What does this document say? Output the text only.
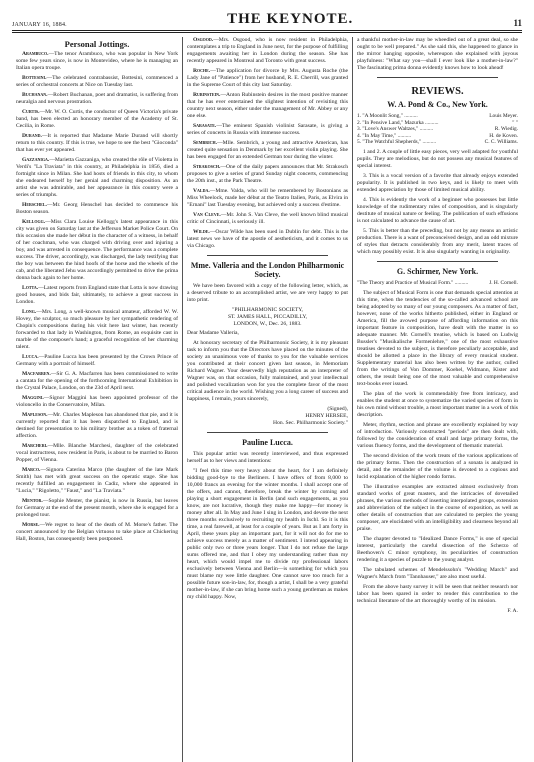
JANUARY 16, 1884.	THE KEYNOTE.	11
Personal Jottings.

Arambuco.—The tenor Arambuco, who was popular in New York some few years since, is now in Montevideo, where he is managing an Italian opera troupe.

Bottesini.—The celebrated contrabassist, Bottesini, commenced a series of orchestral concerts at Nice on Tuesday last.

Buchanan.—Robert Buchanan, poet and dramatist, is suffering from neuralgia and nervous prostration.

Curtis.—Mr. W. O. Curtis, the conductor of Queen Victoria's private band, has been elected an honorary member of the Academy of St. Cecilia, in Rome.

Durand.—It is reported that Madame Marie Durand will shortly return to this country. If this is true, we hope to see the best "Gioconda" that has ever yet appeared.

Gazzaniga.—Marietta Gazzaniga, who created the rôle of Violetta in Verdi's "La Traviata" in this country, at Philadelphia in 1856, died a fortnight since in Milan. She had hosts of friends in this city, to whom she endeared herself by her genial and charming disposition. As an artist she was admirable, and her appearance in this country were a series of triumphs.

Herschel.—Mr. Georg Henschel has decided to commence his Boston season.

Kellogg.—Miss Clara Louise Kellogg's latest appearance in this city was given on Saturday last at the Jefferson Market Police Court. On this occasion she made her début in the character of a witness, in behalf of her coachman, who was charged with driving over and injuring a boy, and was arrested in consequence. The performance was a complete success. The driver, accordingly, was discharged, the lady testifying that the boy was between the hind hoofs of the horse and the wheels of the cab, and the liberated Jehu was accordingly permitted to drive the prima donna back again to her home.

Lotta.—Latest reports from England state that Lotta is now drawing good houses, and bids fair, ultimately, to achieve a great success in London.

Long.—Mrs. Long, a well-known musical amateur, afforded W. W. Hovey, the sculptor, so much pleasure by her sympathetic rendering of Chopin's compositions during his visit here last winter, has recently forwarded to that lady in Washington, from Rome, an exquisite cast in marble of the composer's hand; a graceful recognition of her charming talent.

Lucca.—Pauline Lucca has been presented by the Crown Prince of Germany with a portrait of himself.

Macfarren.—Sir G. A. Macfarren has been commissioned to write a cantata for the opening of the forthcoming International Exhibition in the Crystal Palace, London, on the 23d of April next.

Maggini.—Signor Maggini has been appointed professor of the violoncello in the Conservatoire, Milan.

Mapleson.—Mr. Charles Mapleson has abandoned that pie, and it is currently reported that it has been dispatched to England, and is destined for presentation to his military brother as a token of fraternal affection.

Marcheri.—Mlle. Blanche Marchesi, daughter of the celebrated vocal instructress, now resident in Paris, is about to be married to Baron Popper, of Vienna.

Marco.—Signora Caterina Marco (the daughter of the late Mark Smith) has met with great success on the operatic stage. She has recently fulfilled an engagement in Cadiz, where she appeared in "Lucia," "Rigoletto," "Faust," and "La Traviata."

Mentor.—Sophie Menter, the pianist, is now in Russia, but leaves for Germany at the end of the present month, where she is engaged for a prolonged tour.

Morse.—We regret to hear of the death of M. Morse's father. The concert announced by the Belgian virtuoso to take place at Chickering Hall, Boston, has consequently been postponed.

Osgood.—Mrs. Osgood, who is now resident in Philadelphia, contemplates a trip to England in June next, for the purpose of fulfilling engagements awaiting her in London during the season. She has recently appeared in Montreal and Toronto with great success.

Roche.—The application for divorce by Mrs. Augusta Roche (the Lady Jane of "Patience") from her husband, R. E. Cherrill, was granted in the Supreme Court of this city last Saturday.

Rubinstein.—Anton Rubinstein desires in the most positive manner that he has ever entertained the slightest intention of revisiting this country next season, either under the management of Mr. Abbey or any one else.

Sarasate.—The eminent Spanish violinist Sarasate, is giving a series of concerts in Russia with immense success.

Sembrich.—Mlle. Sembrich, a young and attractive American, has created quite sensation in Denmark by her excellent violin playing. She has been engaged for an extended German tour during the winter.

Strakosch.—One of the daily papers announces that Mr. Strakosch proposes to give a series of grand Sunday night concerts, commencing the 20th inst., at the Park Theatre.

Valda.—Mme. Valda, who will be remembered by Bostonians as Miss Wheelock, made her début at the Teatro Italien, Paris, as Elvira in "Ernani" last Tuesday evening, but achieved only a success d'estime.

Van Cleve.—Mr. John S. Van Cleve, the well known blind musical critic of Cincinnati, is seriously ill.

Wilde.—Oscar Wilde has been sued in Dublin for debt. This is the latest news we have of the apostle of aestheticism, and it comes to us via Chicago.

Mme. Valleria and the London Philharmonic Society.

We have been favored with a copy of the following letter, which, as a deserved tribute to an accomplished artist, we are very happy to put into print.

"PHILHARMONIC SOCIETY,
ST. JAMES HALL, PICCADILLY,
LONDON, W., Dec. 26, 1883.

Dear Madame Valleria,

At honorary secretary of the Philharmonic Society, it is my pleasant task to inform you that the Directors have placed on the minutes of the society an unanimous vote of thanks to you for the valuable services you contributed at their concert given last season, in Memoriam Richard Wagner. Your deservedly high reputation as an interpreter of Wagner was, on that occasion, fully maintained, and your intellectual and polished vocalization won for you the complete favor of the most critical audience in the world. Wishing you a long career of success and happiness, I remain, yours sincerely,

(Signed),
HENRY HERSEE,
Hon. Sec. Philharmonic Society."
Pauline Lucca.

This popular artist was recently interviewed, and thus expressed herself as to her views and intentions:

"I feel this time very heavy about the heart, for I am definitely bidding good-bye to the Berliners. I have offers of from 8,000 to 10,000 francs an evening for the winter months. I shall accept one of the offers, and cannot, therefore, break the winter by coming and playing a short engagement in Berlin (and such engagements, as you know, are not lucrative, though they make me happy—for money is money after all. In May and June I sing in London, and devote the next three months exclusively to recruiting my health in Ischl. So it is this time, a real farewell, at least for a couple of years. But as I am forty in April, these years play an important part, for it will not do for me to achieve success merely as a matter of sentiment. I intend appearing in public only two or three years longer. That I do not refuse the large sums offered me, and that I obey my understanding rather than my heart, which would impel me to divide my professional labors exclusively between Vienna and Berlin—is something for which you must blame my wee little daughter. One cannot save too much for a possible future son-in-law, for, though a artist, I shall be a very grateful mother-in-law, if she can bring home such a young gentleman as makes my child happy. Now,

a thankful mother-in-law may be wheedled out of a great deal, so she ought to be well prepared." As she said this, she happened to glance in the mirror hanging opposite, whereupon she explained with joyous playfulness: "What say you—shall I ever look like a mother-in-law?" The fascinating prima donna evidently knows how to look ahead!

REVIEWS.
W. A. Pond & Co., New York.
1. "A Moonlit Song," ..........	Louis Meyer.
2. "In Pensive Land," Mazurka ..........	" "
3. "Love's Answer Waltzes," ..........	R. Wiedig.
4. "In May Time," ..........	H. de Koven.
5. "The Watchful Shepherds," ..........	C. C. Williams.

1 and 2. A couple of little easy pieces, very well adapted for youthful pupils. They are melodious, but do not possess any musical features of special interest.

3. This is a vocal version of a favorite that already enjoys extended popularity. It is published in two keys, and is likely to meet with extended appreciation by those of limited musical ability.

4. This is evidently the work of a beginner who possesses but little knowledge of the rudimentary rules of composition, and is singularly destitute of musical nature or feeling. The publication of such effusions is not calculated to advance the cause of art.

5. This is better than the preceding, but not by any means an artistic production. There is a want of preconceived design, and an odd mixture of styles that detracts considerably from any merit, latent traces of which may possibly exist. It is also singularly wanting in originality.

G. Schirmer, New York.
"The Theory and Practice of Musical Form." ..........	J. H. Cornell.

The subject of Musical Form is one that demands special attention at this time, when the tendencies of the so-called advanced school are being adopted by so many of our young composers. As a matter of fact, however, none of the works hitherto published, either in England or America, fill the avowed purpose of affording information on this important feature in composition, have dealt with the matter in so adequate manner. Mr. Cornell's treatise, which is based on Ludwig Bussler's "Musikalische Formenlehre," one of the most exhaustive treatises devoted to the subject, is therefore peculiarly acceptable, and should be allotted a place in the library of every musical student. Supplementary material has also been written by the author, culled from the writings of Von Dommer, Koehel, Widmann, Kister and others, the result being one of the most valuable and comprehensive text-books ever issued.

The plan of the work is commendably free from intricacy, and enables the student at once to systematize the varied species of form in his own mind without trouble, a most important matter in a work of this description.

Meter, rhythm, section and phrase are excellently explained by way of introduction. Variously constructed "periods" are then dealt with, followed by the consideration of small and large primary forms, the various fluency forms, and the development of thematic material.

The second division of the work treats of the various applications of the primary forms. Then the construction of a sonata is analyzed in detail, and the remainder of the volume is devoted to a copious and lucid explanation of the higher rondo forms.

The illustrative examples are extracted almost exclusively from standard works of great masters, and the intricacies of dovetailed phrases, the various methods of inserting interpolated groups, extension and abbreviation of the subject in the course of exposition, as well as other details of construction that are calculated to perplex the young composer, are elucidated with an intelligibility and clearness beyond all praise.

The chapter devoted to "Idealized Dance Forms," is one of special interest, particularly the careful dissection of the Scherzo of Beethoven's C minor symphony, its peculiarities of construction rendering it a species of puzzle to the young analyst.

The tabulated schemes of Mendelssohn's "Wedding March" and Wagner's March from "Tannhauser," are also most useful.

From the above hasty survey it will be seen that neither research nor labor has been spared in order to render this contribution to the technical literature of the art thoroughly worthy of its mission.

F. A.
